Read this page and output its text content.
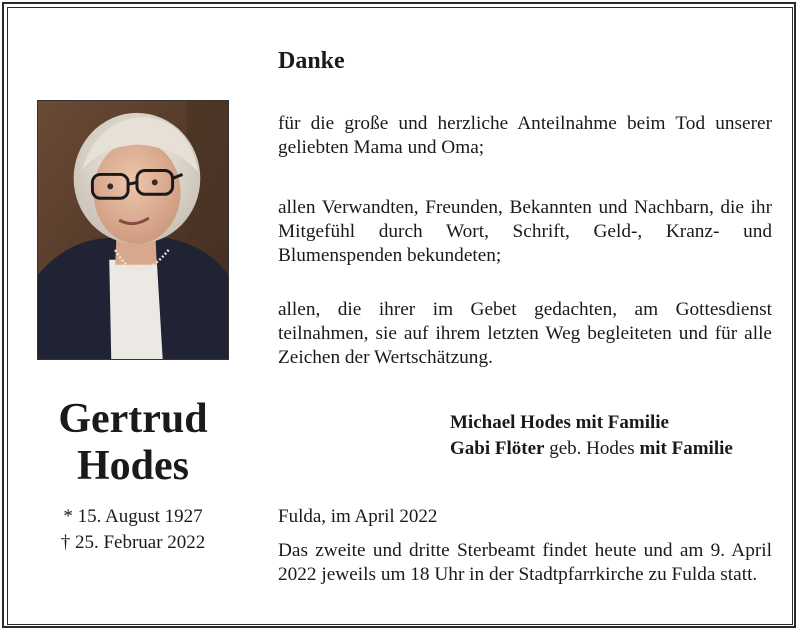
Gertrud
Hodes
* 15. August 1927
† 25. Februar 2022
Danke

für die große und herzliche Anteilnahme beim Tod unserer geliebten Mama und Oma;

allen Verwandten, Freunden, Bekannten und Nachbarn, die ihr Mitgefühl durch Wort, Schrift, Geld-, Kranz- und Blumenspenden bekundeten;

allen, die ihrer im Gebet gedachten, am Gottesdienst teilnahmen, sie auf ihrem letzten Weg begleiteten und für alle Zeichen der Wertschätzung.

Michael Hodes mit Familie
Gabi Flöter geb. Hodes mit Familie
Fulda, im April 2022

Das zweite und dritte Sterbeamt findet heute und am 9. April 2022 jeweils um 18 Uhr in der Stadtpfarrkirche zu Fulda statt.
